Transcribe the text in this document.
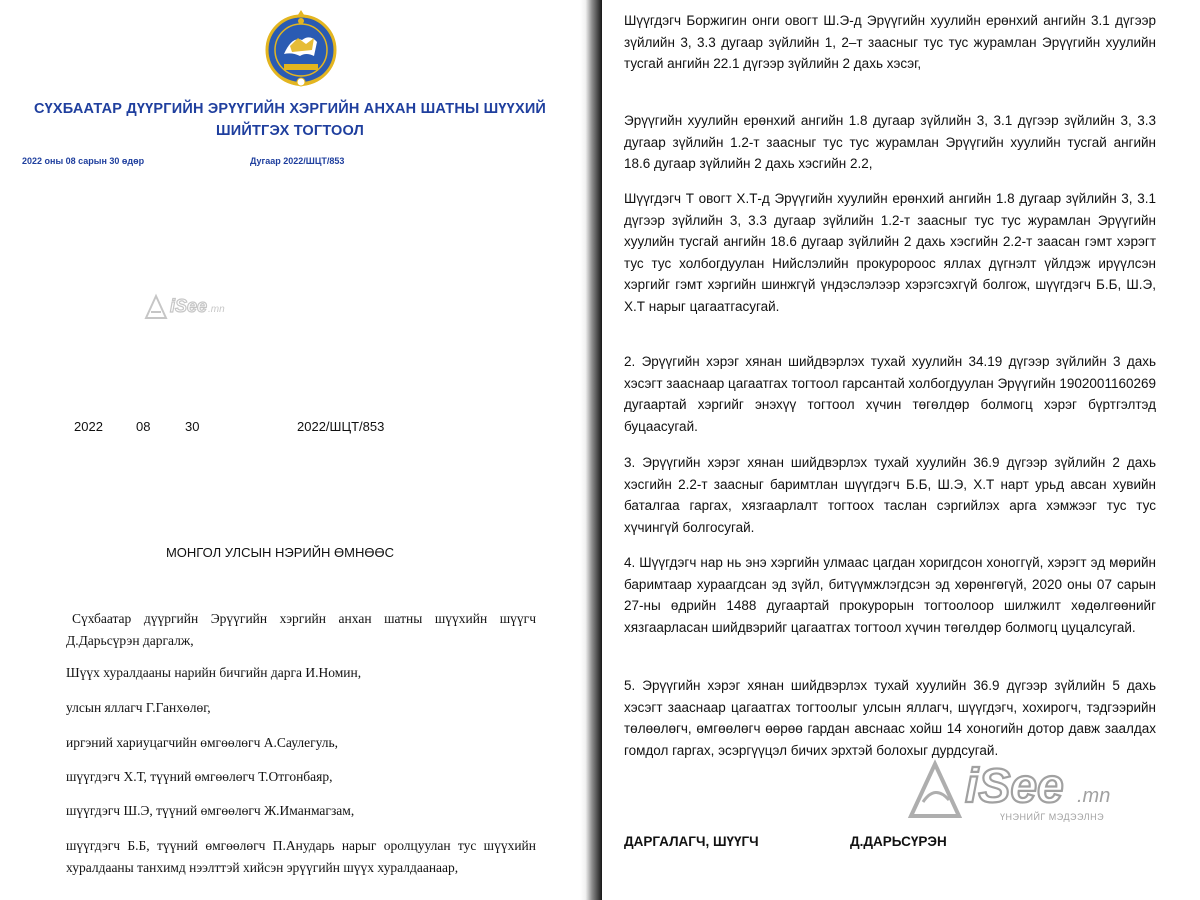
СҮХБААТАР ДҮҮРГИЙН ЭРҮҮГИЙН ХЭРГИЙН АНХАН ШАТНЫ ШҮҮХИЙ
ШИЙТГЭХ ТОГТООЛ
2022 оны 08 сарын 30 өдөр	Дугаар 2022/ШЦТ/853
iSee .mn
2022	08	30	2022/ШЦТ/853
МОНГОЛ УЛСЫН НЭРИЙН ӨМНӨӨС
Сүхбаатар дүүргийн Эрүүгийн хэргийн анхан шатны шүүхийн шүүгч Д.Дарьсүрэн даргалж,
Шүүх хуралдааны нарийн бичгийн дарга И.Номин,
улсын яллагч Г.Ганхөлөг,
иргэний хариуцагчийн өмгөөлөгч А.Саулегуль,
шүүгдэгч Х.Т, түүний өмгөөлөгч Т.Отгонбаяр,
шүүгдэгч Ш.Э, түүний өмгөөлөгч Ж.Иманмагзам,
шүүгдэгч Б.Б, түүний өмгөөлөгч П.Анударь нарыг оролцуулан тус шүүхийн хуралдааны танхимд нээлттэй хийсэн эрүүгийн шүүх хуралдаанаар,
Шүүгдэгч Боржигин онги овогт Ш.Э-д Эрүүгийн хуулийн ерөнхий ангийн 3.1 дүгээр зүйлийн 3, 3.3 дугаар зүйлийн 1, 2–т заасныг тус тус журамлан Эрүүгийн хуулийн тусгай ангийн 22.1 дүгээр зүйлийн 2 дахь хэсэг,
Эрүүгийн хуулийн ерөнхий ангийн 1.8 дугаар зүйлийн 3, 3.1 дүгээр зүйлийн 3, 3.3 дугаар зүйлийн 1.2-т заасныг тус тус журамлан Эрүүгийн хуулийн тусгай ангийн 18.6 дугаар зүйлийн 2 дахь хэсгийн 2.2,
Шүүгдэгч Т овогт Х.Т-д Эрүүгийн хуулийн ерөнхий ангийн 1.8 дугаар зүйлийн 3, 3.1 дүгээр зүйлийн 3, 3.3 дугаар зүйлийн 1.2-т заасныг тус тус журамлан Эрүүгийн хуулийн тусгай ангийн 18.6 дугаар зүйлийн 2 дахь хэсгийн 2.2-т заасан гэмт хэрэгт тус тус холбогдуулан Нийслэлийн прокуророос яллах дүгнэлт үйлдэж ирүүлсэн хэргийг гэмт хэргийн шинжгүй үндэслэлээр хэрэгсэхгүй болгож, шүүгдэгч Б.Б, Ш.Э, Х.Т нарыг цагаатгасугай.
2. Эрүүгийн хэрэг хянан шийдвэрлэх тухай хуулийн 34.19 дүгээр зүйлийн 3 дахь хэсэгт зааснаар цагаатгах тогтоол гарсантай холбогдуулан Эрүүгийн 1902001160269 дугаартай хэргийг энэхүү тогтоол хүчин төгөлдөр болмогц хэрэг бүртгэлтэд буцаасугай.
3. Эрүүгийн хэрэг хянан шийдвэрлэх тухай хуулийн 36.9 дүгээр зүйлийн 2 дахь хэсгийн 2.2-т заасныг баримтлан шүүгдэгч Б.Б, Ш.Э, Х.Т нарт урьд авсан хувийн баталгаа гаргах, хязгаарлалт тогтоох таслан сэргийлэх арга хэмжээг тус тус хүчингүй болгосугай.
4. Шүүгдэгч нар нь энэ хэргийн улмаас цагдан хоригдсон хоноггүй, хэрэгт эд мөрийн баримтаар хураагдсан эд зүйл, битүүмжлэгдсэн эд хөрөнгөгүй, 2020 оны 07 сарын 27-ны өдрийн 1488 дугаартай прокурорын тогтоолоор шилжилт хөдөлгөөнийг хязгаарласан шийдвэрийг цагаатгах тогтоол хүчин төгөлдөр болмогц цуцалсугай.
5. Эрүүгийн хэрэг хянан шийдвэрлэх тухай хуулийн 36.9 дүгээр зүйлийн 5 дахь хэсэгт зааснаар цагаатгах тогтоолыг улсын яллагч, шүүгдэгч, хохирогч, тэдгээрийн төлөөлөгч, өмгөөлөгч өөрөө гардан авснаас хойш 14 хоногийн дотор давж заалдах гомдол гаргах, эсэргүүцэл бичих эрхтэй болохыг дурдсугай.
ДАРГАЛАГЧ, ШҮҮГЧ	Д.ДАРЬСҮРЭН
iSee .mn
ҮНЭНИЙГ МЭДЭЭЛНЭ
